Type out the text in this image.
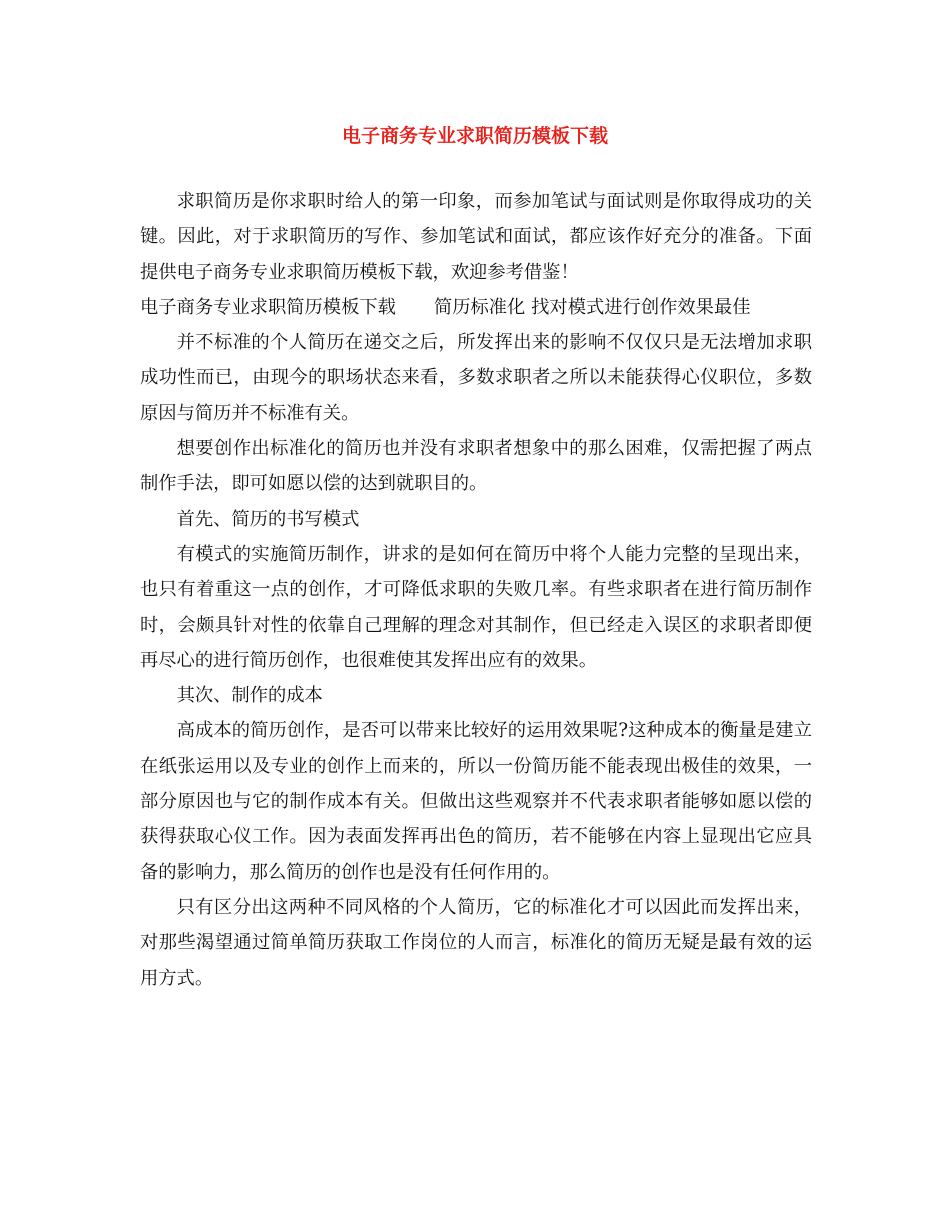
电子商务专业求职简历模板下载

求职简历是你求职时给人的第一印象，而参加笔试与面试则是你取得成功的关键。因此，对于求职简历的写作、参加笔试和面试，都应该作好充分的准备。下面提供电子商务专业求职简历模板下载，欢迎参考借鉴！

电子商务专业求职简历模板下载 简历标准化 找对模式进行创作效果最佳

并不标准的个人简历在递交之后，所发挥出来的影响不仅仅只是无法增加求职成功性而已，由现今的职场状态来看，多数求职者之所以未能获得心仪职位，多数原因与简历并不标准有关。

想要创作出标准化的简历也并没有求职者想象中的那么困难，仅需把握了两点制作手法，即可如愿以偿的达到就职目的。

首先、简历的书写模式

有模式的实施简历制作，讲求的是如何在简历中将个人能力完整的呈现出来，也只有着重这一点的创作，才可降低求职的失败几率。有些求职者在进行简历制作时，会颇具针对性的依靠自己理解的理念对其制作，但已经走入误区的求职者即便再尽心的进行简历创作，也很难使其发挥出应有的效果。

其次、制作的成本

高成本的简历创作，是否可以带来比较好的运用效果呢?这种成本的衡量是建立在纸张运用以及专业的创作上而来的，所以一份简历能不能表现出极佳的效果，一部分原因也与它的制作成本有关。但做出这些观察并不代表求职者能够如愿以偿的获得获取心仪工作。因为表面发挥再出色的简历，若不能够在内容上显现出它应具备的影响力，那么简历的创作也是没有任何作用的。

只有区分出这两种不同风格的个人简历，它的标准化才可以因此而发挥出来，对那些渴望通过简单简历获取工作岗位的人而言，标准化的简历无疑是最有效的运用方式。
